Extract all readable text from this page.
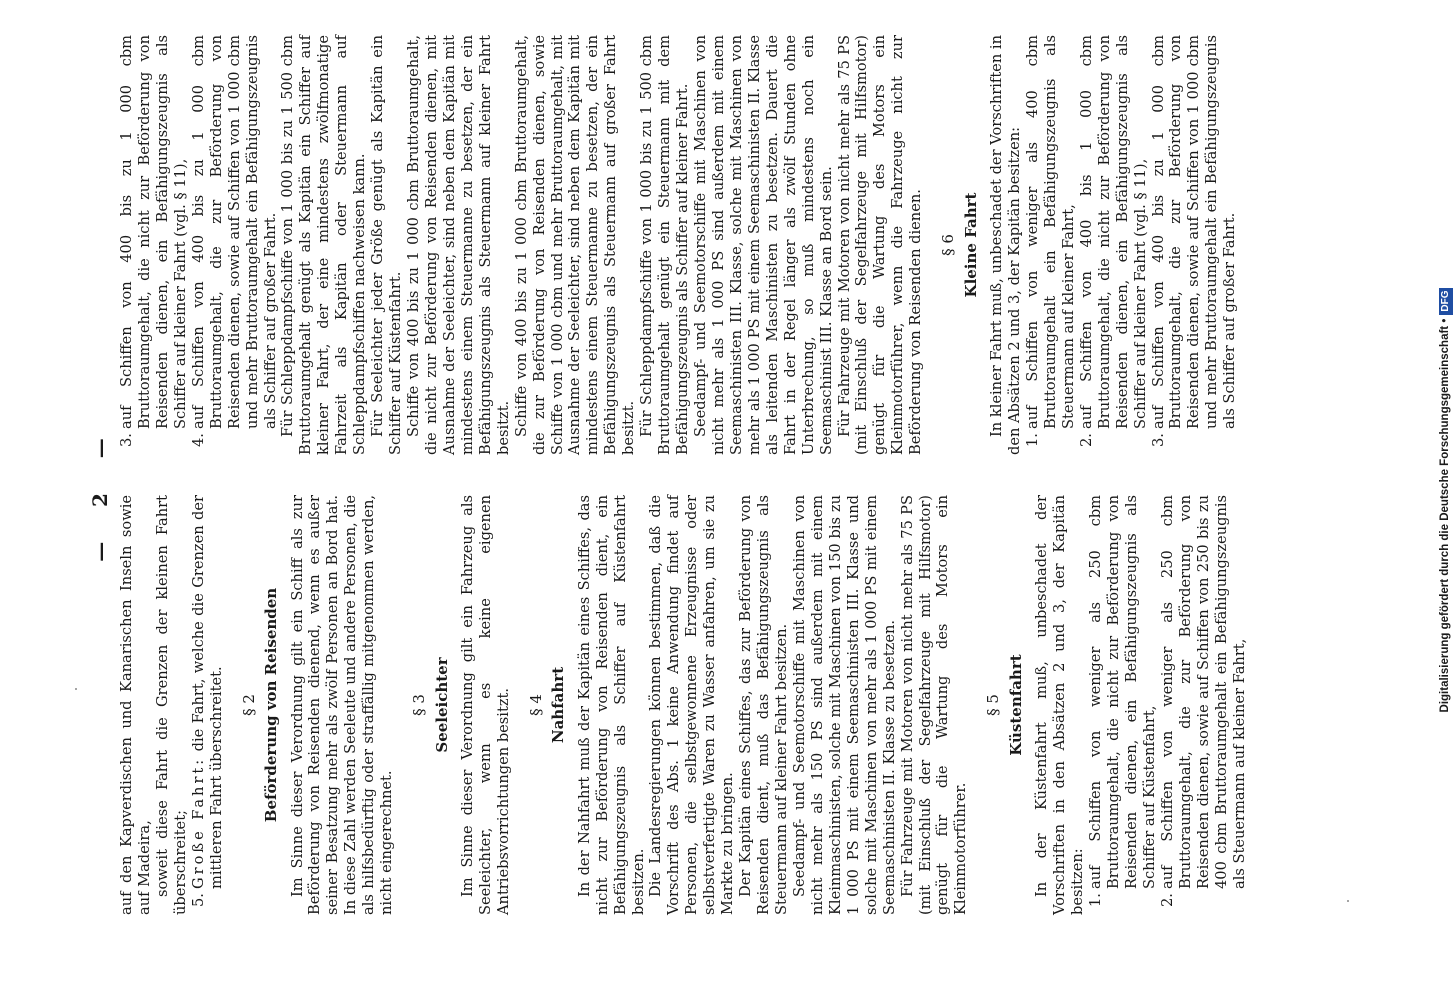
—     2     —

auf den Kapverdischen und Kanarischen Inseln sowie auf Madeira, soweit diese Fahrt die Grenzen der kleinen Fahrt überschreitet; 5.Große Fahrt: die Fahrt, welche die Grenzen der mittleren Fahrt überschreitet. § 2 Beförderung von Reisenden Im Sinne dieser Verordnung gilt ein Schiff als zur Beförderung von Reisenden dienend, wenn es außer seiner Besatzung mehr als zwölf Personen an Bord hat. In diese Zahl werden Seeleute und andere Personen, die als hilfsbedürftig oder straffällig mitgenommen werden, nicht eingerechnet.

§ 3 Seeleichter Im Sinne dieser Verordnung gilt ein Fahrzeug als Seeleichter, wenn es keine eigenen Antriebsvorrichtungen besitzt. § 4 Nahfahrt In der Nahfahrt muß der Kapitän eines Schiffes, das nicht zur Beförderung von Reisenden dient, ein Befähigungszeugnis als Schiffer auf Küstenfahrt besitzen. Die Landesregierungen können bestimmen, daß die Vorschrift des Abs. 1 keine Anwendung findet auf Personen, die selbstgewonnene Erzeugnisse oder selbstverfertigte Waren zu Wasser anfahren, um sie zu Markte zu bringen. Der Kapitän eines Schiffes, das zur Beförderung von Reisenden dient, muß das Befähigungszeugnis als Steuermann auf kleiner Fahrt besitzen. Seedampf- und Seemotorschiffe mit Maschinen von nicht mehr als 150 PS sind außerdem mit einem Kleinmaschinisten, solche mit Maschinen von 150 bis zu 1 000 PS mit einem Seemaschinisten III. Klasse und solche mit Maschinen von mehr als 1 000 PS mit einem Seemaschinisten II. Klasse zu besetzen. Für Fahrzeuge mit Motoren von nicht mehr als 75 PS (mit Einschluß der Segelfahrzeuge mit Hilfsmotor) genügt für die Wartung des Motors ein Kleinmotorführer.

§ 5 Küstenfahrt In der Küstenfahrt muß, unbeschadet der Vorschriften in den Absätzen 2 und 3, der Kapitän besitzen: 1.auf Schiffen von weniger als 250 cbm Bruttoraumgehalt, die nicht zur Beförderung von Reisenden dienen, ein Befähigungszeugnis als Schiffer auf Küstenfahrt,

2.auf Schiffen von weniger als 250 cbm Bruttoraumgehalt, die zur Beförderung von Reisenden dienen, sowie auf Schiffen von 250 bis zu 400 cbm Bruttoraumgehalt ein Befähigungszeugnis als Steuermann auf kleiner Fahrt,

3.auf Schiffen von 400 bis zu 1 000 cbm Bruttoraumgehalt, die nicht zur Beförderung von Reisenden dienen, ein Befähigungszeugnis als Schiffer auf kleiner Fahrt (vgl. § 11),

4.auf Schiffen von 400 bis zu 1 000 cbm Bruttoraumgehalt, die zur Beförderung von Reisenden dienen, sowie auf Schiffen von 1 000 cbm und mehr Bruttoraumgehalt ein Befähigungszeugnis als Schiffer auf großer Fahrt. Für Schleppdampfschiffe von 1 000 bis zu 1 500 cbm Bruttoraumgehalt genügt als Kapitän ein Schiffer auf kleiner Fahrt, der eine mindestens zwölfmonatige Fahrzeit als Kapitän oder Steuermann auf Schleppdampfschiffen nachweisen kann. Für Seeleichter jeder Größe genügt als Kapitän ein Schiffer auf Küstenfahrt. Schiffe von 400 bis zu 1 000 cbm Bruttoraumgehalt, die nicht zur Beförderung von Reisenden dienen, mit Ausnahme der Seeleichter, sind neben dem Kapitän mit mindestens einem Steuermanne zu besetzen, der ein Befähigungszeugnis als Steuermann auf kleiner Fahrt besitzt. Schiffe von 400 bis zu 1 000 cbm Bruttoraumgehalt, die zur Beförderung von Reisenden dienen, sowie Schiffe von 1 000 cbm und mehr Bruttoraumgehalt, mit Ausnahme der Seeleichter, sind neben dem Kapitän mit mindestens einem Steuermanne zu besetzen, der ein Befähigungszeugnis als Steuermann auf großer Fahrt besitzt. Für Schleppdampfschiffe von 1 000 bis zu 1 500 cbm Bruttoraumgehalt genügt ein Steuermann mit dem Befähigungszeugnis als Schiffer auf kleiner Fahrt. Seedampf- und Seemotorschiffe mit Maschinen von nicht mehr als 1 000 PS sind außerdem mit einem Seemaschinisten III. Klasse, solche mit Maschinen von mehr als 1 000 PS mit einem Seemaschinisten II. Klasse als leitenden Maschinisten zu besetzen. Dauert die Fahrt in der Regel länger als zwölf Stunden ohne Unterbrechung, so muß mindestens noch ein Seemaschinist III. Klasse an Bord sein. Für Fahrzeuge mit Motoren von nicht mehr als 75 PS (mit Einschluß der Segelfahrzeuge mit Hilfsmotor) genügt für die Wartung des Motors ein Kleinmotorführer, wenn die Fahrzeuge nicht zur Beförderung von Reisenden dienen. § 6 Kleine Fahrt In kleiner Fahrt muß, unbeschadet der Vorschriften in den Absätzen 2 und 3, der Kapitän besitzen: 1.auf Schiffen von weniger als 400 cbm Bruttoraumgehalt ein Befähigungszeugnis als Steuermann auf kleiner Fahrt,

2.auf Schiffen von 400 bis 1 000 cbm Bruttoraumgehalt, die nicht zur Beförderung von Reisenden dienen, ein Befähigungszeugnis als Schiffer auf kleiner Fahrt (vgl. § 11),

3.auf Schiffen von 400 bis zu 1 000 cbm Bruttoraumgehalt, die zur Beförderung von Reisenden dienen, sowie auf Schiffen von 1 000 cbm und mehr Bruttoraumgehalt ein Befähigungszeugnis als Schiffer auf großer Fahrt.	Digitalisierung gefördert durch die Deutsche Forschungsgemeinschaft •DFG
